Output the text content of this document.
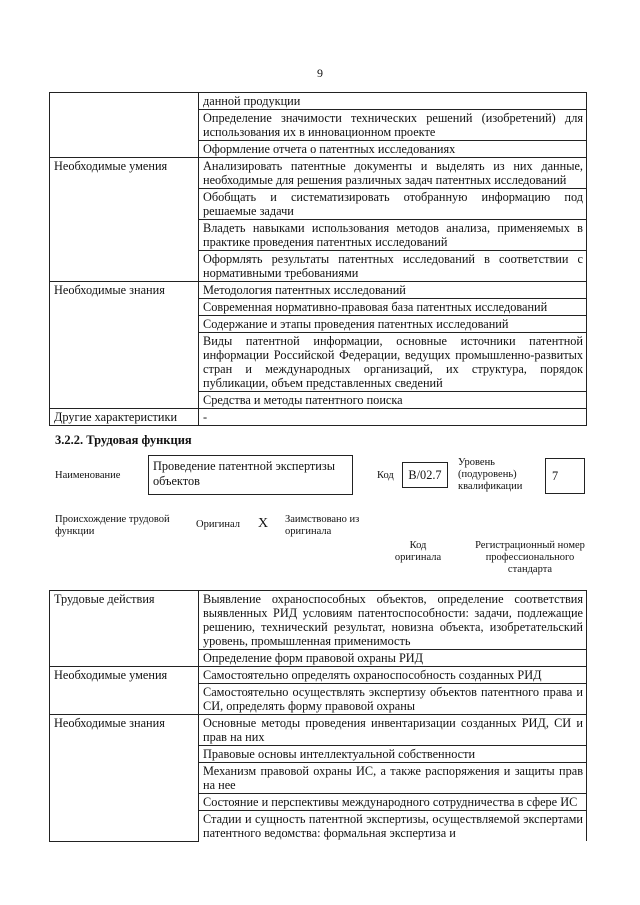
9
	данной продукции
	Определение значимости технических решений (изобретений) для использования их в инновационном проекте
	Оформление отчета о патентных исследованиях
Необходимые умения	Анализировать патентные документы и выделять из них данные, необходимые для решения различных задач патентных исследований
	Обобщать и систематизировать отобранную информацию под решаемые задачи
	Владеть навыками использования методов анализа, применяемых в практике проведения патентных исследований
	Оформлять результаты патентных исследований в соответствии с нормативными требованиями
Необходимые знания	Методология патентных исследований
	Современная нормативно-правовая база патентных исследований
	Содержание и этапы проведения патентных исследований
	Виды патентной информации, основные источники патентной информации Российской Федерации, ведущих промышленно-развитых стран и международных организаций, их структура, порядок публикации, объем представленных сведений
	Средства и методы патентного поиска
Другие характеристики	-
3.2.2. Трудовая функция
Наименование
Проведение патентной экспертизы объектов	Код	B/02.7
Уровень (подуровень) квалификации
7
Происхождение трудовой функции
Оригинал X Заимствовано из оригинала
Код оригинала
Регистрационный номер профессионального стандарта
Трудовые действия	Выявление охраноспособных объектов, определение соответствия выявленных РИД условиям патентоспособности: задачи, подлежащие решению, технический результат, новизна объекта, изобретательский уровень, промышленная применимость
	Определение форм правовой охраны РИД
Необходимые умения	Самостоятельно определять охраноспособность созданных РИД
	Самостоятельно осуществлять экспертизу объектов патентного права и СИ, определять форму правовой охраны
Необходимые знания	Основные методы проведения инвентаризации созданных РИД, СИ и прав на них
	Правовые основы интеллектуальной собственности
	Механизм правовой охраны ИС, а также распоряжения и защиты прав на нее
	Состояние и перспективы международного сотрудничества в сфере ИС
	Стадии и сущность патентной экспертизы, осуществляемой экспертами патентного ведомства: формальная экспертиза и
